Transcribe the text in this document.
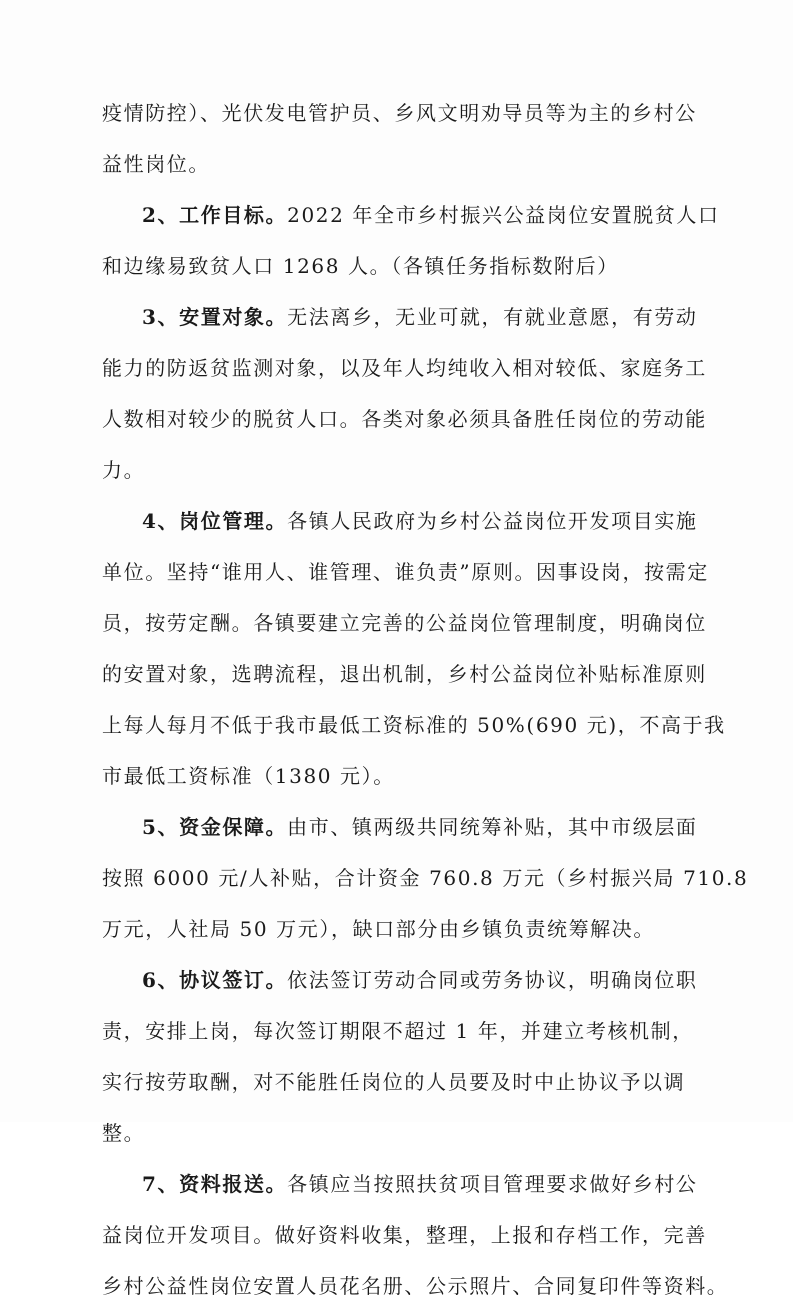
疫情防控）、光伏发电管护员、乡风文明劝导员等为主的乡村公
益性岗位。
2、工作目标。2022 年全市乡村振兴公益岗位安置脱贫人口
和边缘易致贫人口 1268 人。（各镇任务指标数附后）
3、安置对象。无法离乡，无业可就，有就业意愿，有劳动
能力的防返贫监测对象，以及年人均纯收入相对较低、家庭务工
人数相对较少的脱贫人口。各类对象必须具备胜任岗位的劳动能
力。
4、岗位管理。各镇人民政府为乡村公益岗位开发项目实施
单位。坚持“谁用人、谁管理、谁负责”原则。因事设岗，按需定
员，按劳定酬。各镇要建立完善的公益岗位管理制度，明确岗位
的安置对象，选聘流程，退出机制，乡村公益岗位补贴标准原则
上每人每月不低于我市最低工资标准的 50%(690 元)，不高于我
市最低工资标准（1380 元）。
5、资金保障。由市、镇两级共同统筹补贴，其中市级层面
按照 6000 元/人补贴，合计资金 760.8 万元（乡村振兴局 710.8
万元，人社局 50 万元），缺口部分由乡镇负责统筹解决。
6、协议签订。依法签订劳动合同或劳务协议，明确岗位职
责，安排上岗，每次签订期限不超过 1 年，并建立考核机制，
实行按劳取酬，对不能胜任岗位的人员要及时中止协议予以调
整。
7、资料报送。各镇应当按照扶贫项目管理要求做好乡村公
益岗位开发项目。做好资料收集，整理，上报和存档工作，完善
乡村公益性岗位安置人员花名册、公示照片、合同复印件等资料。
